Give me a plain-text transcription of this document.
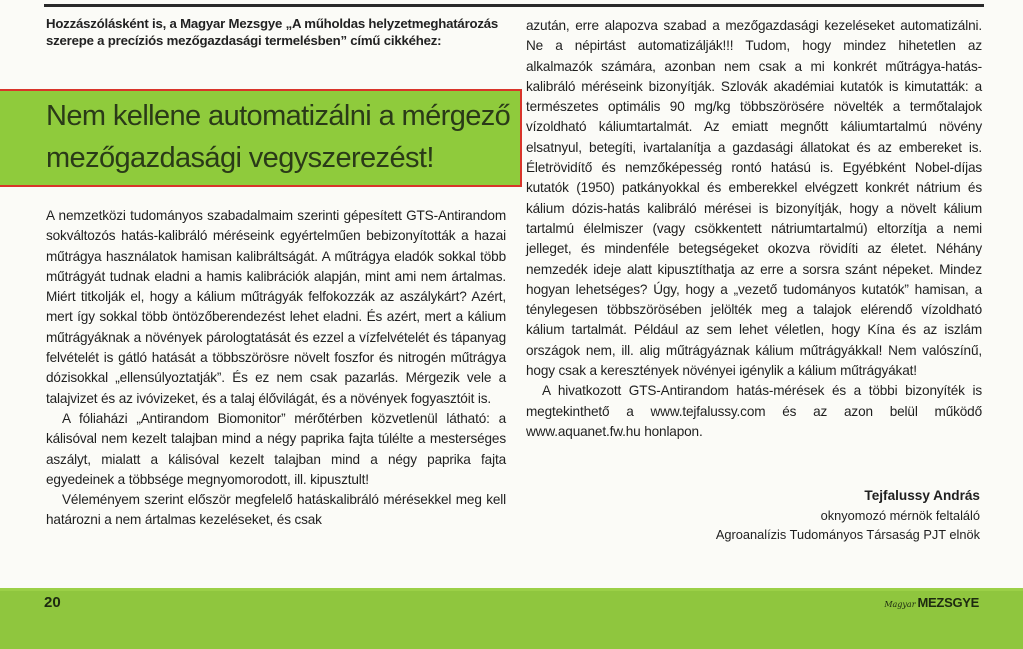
Hozzászólásként is, a Magyar Mezsgye „A műholdas helyzetmeghatározás szerepe a precíziós mezőgazdasági termelésben” című cikkéhez:
Nem kellene automatizálni a mérgező
mezőgazdasági vegyszerezést!

A nemzetközi tudományos szabadalmaim szerinti gépesített GTS-Antirandom sokváltozós hatás-kalibráló méréseink egyértelműen bebizonyították a hazai műtrágya használatok hamisan kalibráltságát. A műtrágya eladók sokkal több műtrágyát tudnak eladni a hamis kalibrációk alapján, mint ami nem ártalmas. Miért titkolják el, hogy a kálium műtrágyák felfokozzák az aszálykárt? Azért, mert így sokkal több öntözőberendezést lehet eladni. És azért, mert a kálium műtrágyáknak a növények párologtatását és ezzel a vízfelvételét és tápanyag felvételét is gátló hatását a többszörösre növelt foszfor és nitrogén műtrágya dózisokkal „ellensúlyoztatják”. És ez nem csak pazarlás. Mérgezik vele a talajvizet és az ivóvizeket, és a talaj élővilágát, és a növények fogyasztóit is.

A fóliaházi „Antirandom Biomonitor” mérőtérben közvetlenül látható: a kálisóval nem kezelt talajban mind a négy paprika fajta túlélte a mesterséges aszályt, mialatt a kálisóval kezelt talajban mind a négy paprika fajta egyedeinek a többsége megnyomorodott, ill. kipusztult!

Véleményem szerint először megfelelő hatáskalibráló mérésekkel meg kell határozni a nem ártalmas kezeléseket, és csak

azután, erre alapozva szabad a mezőgazdasági kezeléseket automatizálni. Ne a népirtást automatizálják!!! Tudom, hogy mindez hihetetlen az alkalmazók számára, azonban nem csak a mi konkrét műtrágya-hatás-kalibráló méréseink bizonyítják. Szlovák akadémiai kutatók is kimutatták: a természetes optimális 90 mg/kg többszörösére növelték a termőtalajok vízoldható káliumtartalmát. Az emiatt megnőtt káliumtartalmú növény elsatnyul, betegíti, ivartalanítja a gazdasági állatokat és az embereket is. Életrövidítő és nemzőképesség rontó hatású is. Egyébként Nobel-díjas kutatók (1950) patkányokkal és emberekkel elvégzett konkrét nátrium és kálium dózis-hatás kalibráló mérései is bizonyítják, hogy a növelt kálium tartalmú élelmiszer (vagy csökkentett nátriumtartalmú) eltorzítja a nemi jelleget, és mindenféle betegségeket okozva rövidíti az életet. Néhány nemzedék ideje alatt kipusztíthatja az erre a sorsra szánt népeket. Mindez hogyan lehetséges? Úgy, hogy a „vezető tudományos kutatók” hamisan, a ténylegesen többszörösében jelölték meg a talajok elérendő vízoldható kálium tartalmát. Például az sem lehet véletlen, hogy Kína és az iszlám országok nem, ill. alig műtrágyáznak kálium műtrágyákkal! Nem valószínű, hogy csak a keresztények növényei igénylik a kálium műtrágyákat!

A hivatkozott GTS-Antirandom hatás-mérések és a többi bizonyíték is megtekinthető a www.tejfalussy.com és az azon belül működő www.aquanet.fw.hu honlapon.

Tejfalussy András
oknyomozó mérnök feltaláló
Agroanalízis Tudományos Társaság PJT elnök
20	Magyar MEZSGYE
